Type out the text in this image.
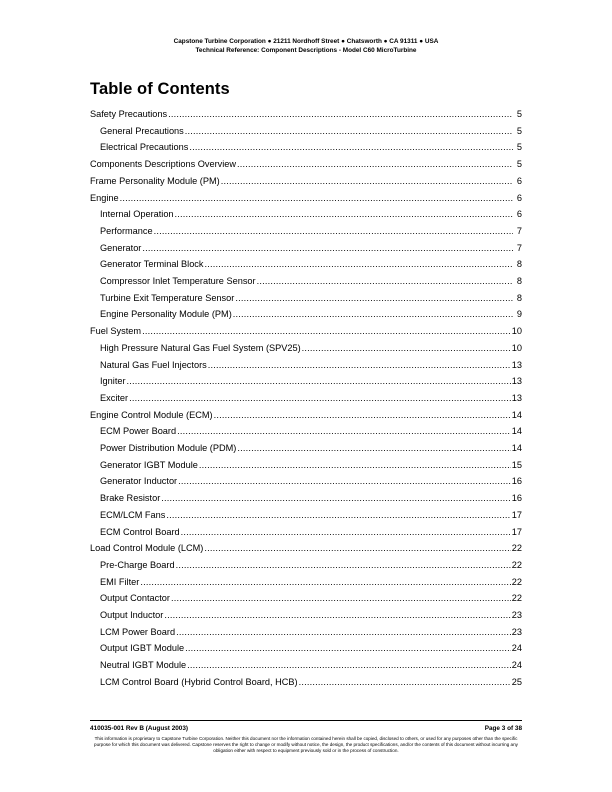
Capstone Turbine Corporation ● 21211 Nordhoff Street ● Chatsworth ● CA 91311 ● USA
Technical Reference: Component Descriptions - Model C60 MicroTurbine
Table of Contents
Safety Precautions .....	5
General Precautions .....	5
Electrical Precautions .....	5
Components Descriptions Overview .....	5
Frame Personality Module (PM) .....	6
Engine .....	6
Internal Operation .....	6
Performance .....	7
Generator .....	7
Generator Terminal Block .....	8
Compressor Inlet Temperature Sensor .....	8
Turbine Exit Temperature Sensor .....	8
Engine Personality Module (PM) .....	9
Fuel System .....	10
High Pressure Natural Gas Fuel System (SPV25) .....	10
Natural Gas Fuel Injectors .....	13
Igniter .....	13
Exciter .....	13
Engine Control Module (ECM) .....	14
ECM Power Board .....	14
Power Distribution Module (PDM) .....	14
Generator IGBT Module .....	15
Generator Inductor .....	16
Brake Resistor .....	16
ECM/LCM Fans .....	17
ECM Control Board .....	17
Load Control Module (LCM) .....	22
Pre-Charge Board .....	22
EMI Filter .....	22
Output Contactor .....	22
Output Inductor .....	23
LCM Power Board .....	23
Output IGBT Module .....	24
Neutral IGBT Module .....	24
LCM Control Board (Hybrid Control Board, HCB) .....	25
410035-001 Rev B (August 2003)	Page 3 of 38
This information is proprietary to Capstone Turbine Corporation. Neither this document nor the information contained herein shall be copied, disclosed to others, or used for any purposes other than the specific purpose for which this document was delivered. Capstone reserves the right to change or modify without notice, the design, the product specifications, and/or the contents of this document without incurring any obligation either with respect to equipment previously sold or in the process of construction.
